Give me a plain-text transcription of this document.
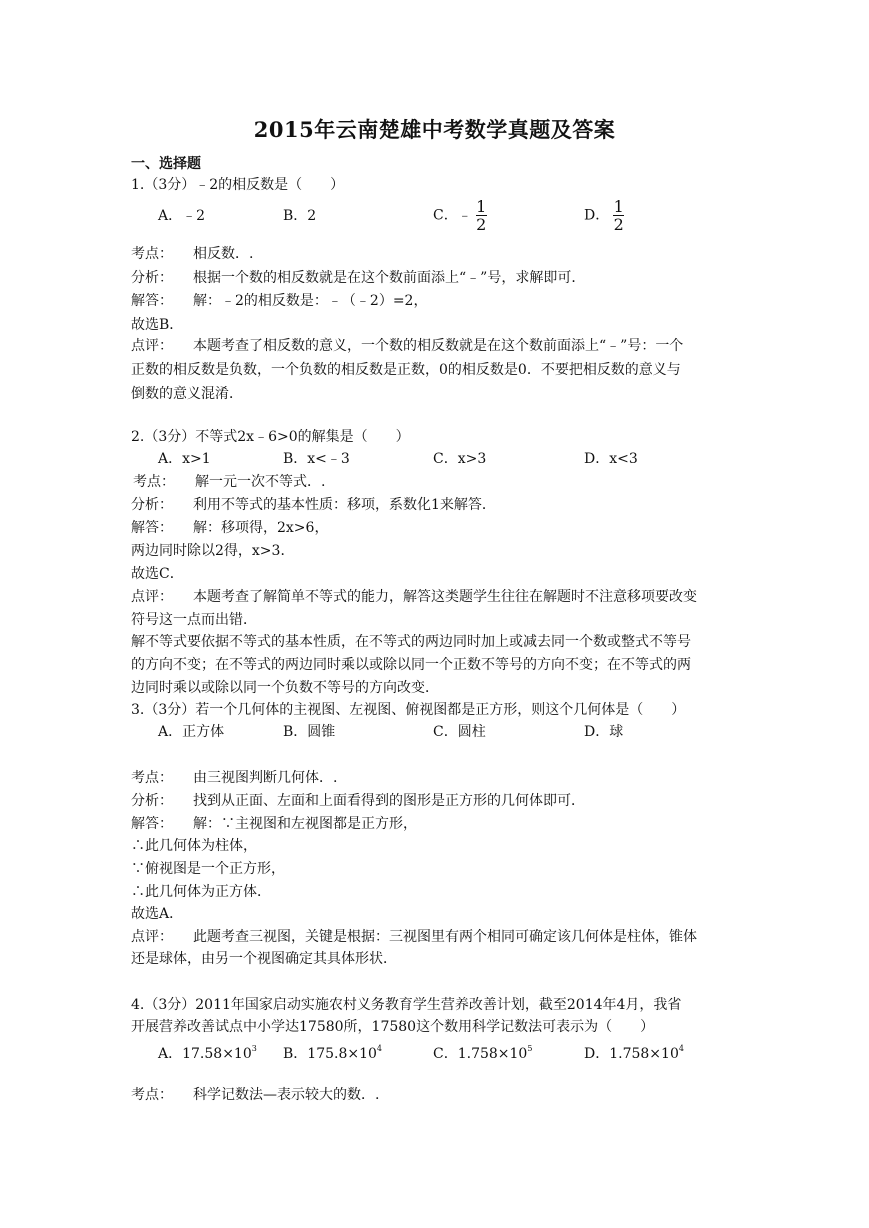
2015年云南楚雄中考数学真题及答案
一、选择题
1.（3分）﹣2的相反数是（　　）
A．﹣2	B．2	C．﹣ $\frac{1}{2}$	D． $\frac{1}{2}$
考点： 相反数．.
分析： 根据一个数的相反数就是在这个数前面添上“﹣”号，求解即可．
解答： 解：﹣2的相反数是：﹣（﹣2）=2，
故选B．
点评： 本题考查了相反数的意义，一个数的相反数就是在这个数前面添上“﹣”号：一个
正数的相反数是负数，一个负数的相反数是正数，0的相反数是0．不要把相反数的意义与
倒数的意义混淆．
2.（3分）不等式2x﹣6>0的解集是（　　）
A．x>1	B．x<﹣3	C．x>3	D．x<3
考点： 解一元一次不等式．.
分析： 利用不等式的基本性质：移项，系数化1来解答．
解答： 解：移项得，2x>6，
两边同时除以2得，x>3．
故选C．
点评： 本题考查了解简单不等式的能力，解答这类题学生往往在解题时不注意移项要改变
符号这一点而出错．
解不等式要依据不等式的基本性质，在不等式的两边同时加上或减去同一个数或整式不等号
的方向不变；在不等式的两边同时乘以或除以同一个正数不等号的方向不变；在不等式的两
边同时乘以或除以同一个负数不等号的方向改变．
3.（3分）若一个几何体的主视图、左视图、俯视图都是正方形，则这个几何体是（　　）
A．正方体	B．圆锥	C．圆柱	D．球
考点： 由三视图判断几何体．.
分析： 找到从正面、左面和上面看得到的图形是正方形的几何体即可．
解答： 解：∵主视图和左视图都是正方形，
∴此几何体为柱体，
∵俯视图是一个正方形，
∴此几何体为正方体．
故选A．
点评： 此题考查三视图，关键是根据：三视图里有两个相同可确定该几何体是柱体，锥体
还是球体，由另一个视图确定其具体形状．
4.（3分）2011年国家启动实施农村义务教育学生营养改善计划，截至2014年4月，我省
开展营养改善试点中小学达17580所，17580这个数用科学记数法可表示为（　　）
A．$17.58\times 10^3$ B．$175.8\times 10^4$	C．$1.758\times 10^5$	D．$1.758\times 10^4$
考点： 科学记数法—表示较大的数．.
